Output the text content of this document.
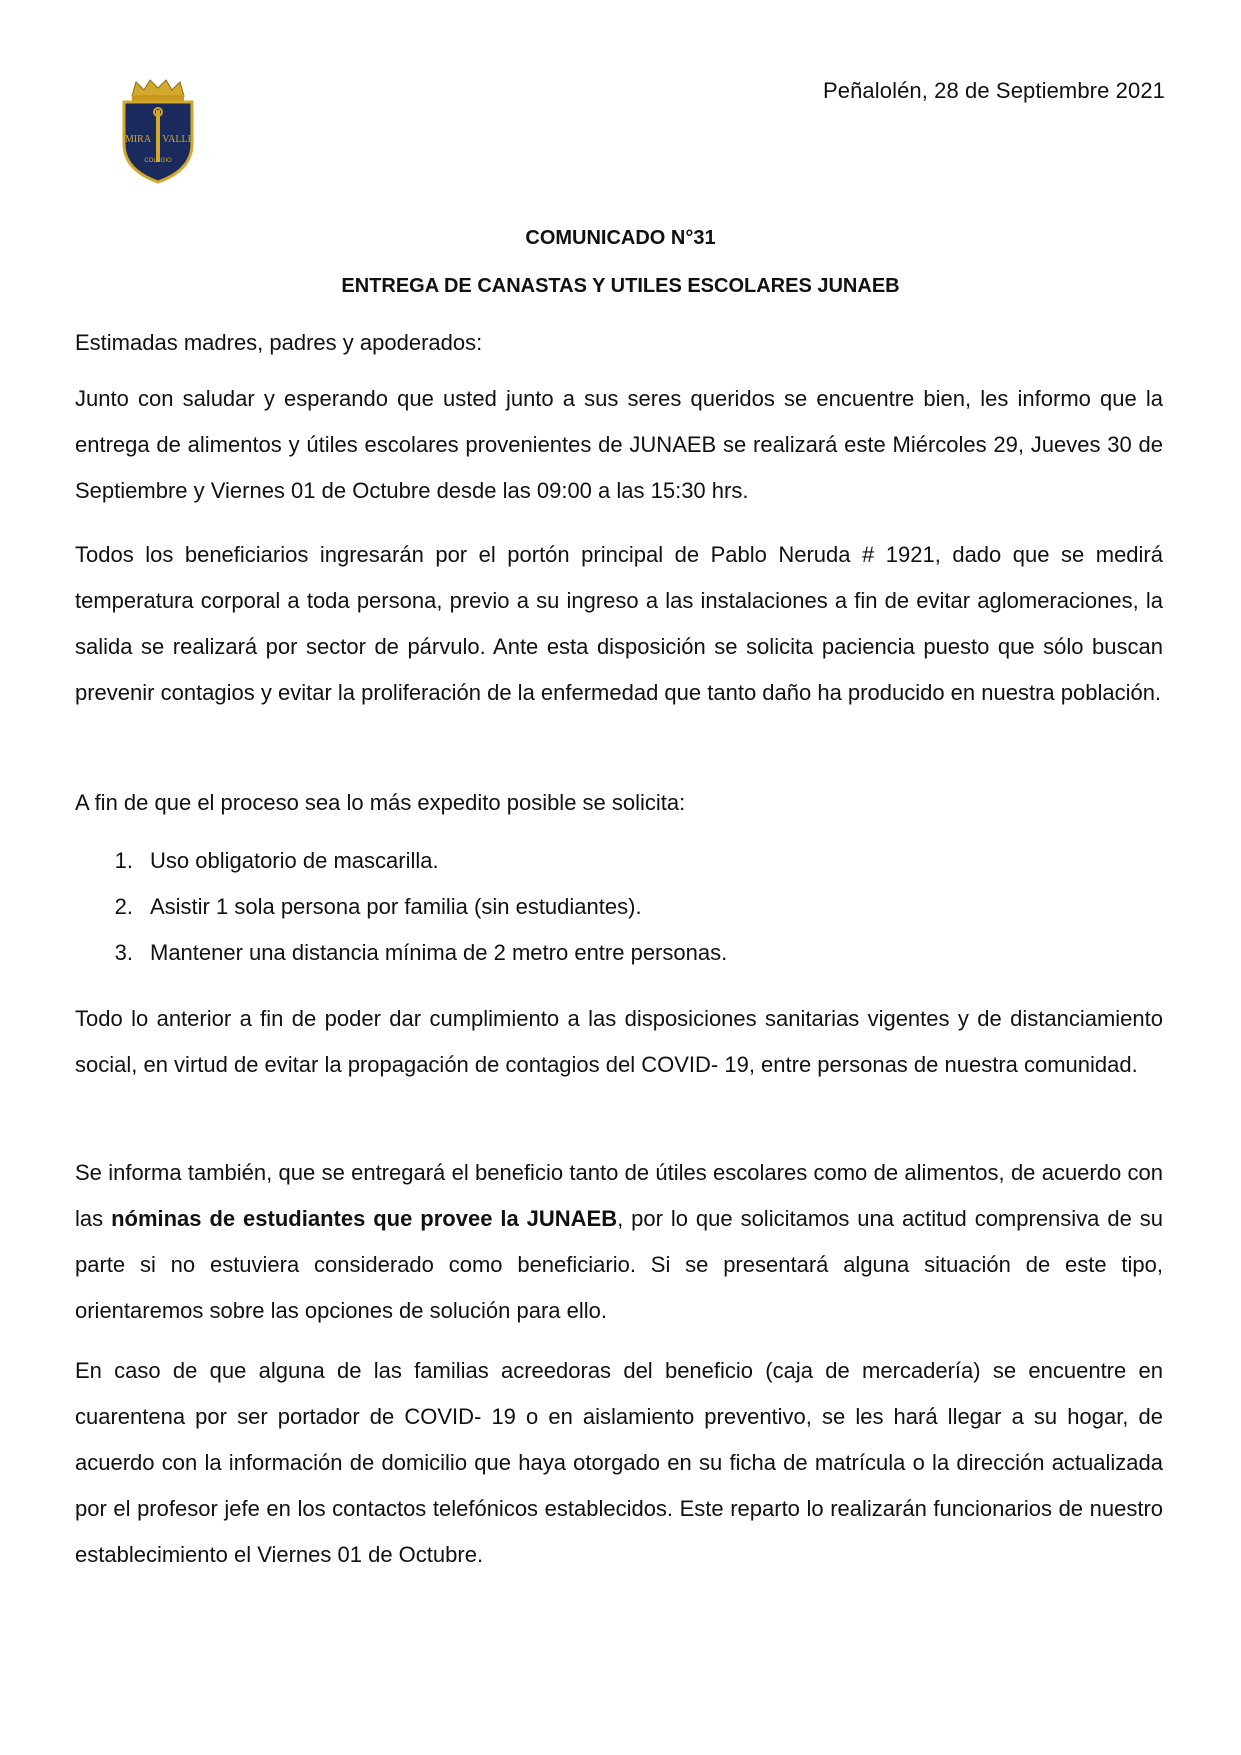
MIRA VALLE
COLEGIO
Peñalolén, 28 de Septiembre 2021
COMUNICADO N°31
ENTREGA DE CANASTAS Y UTILES ESCOLARES JUNAEB

Estimadas madres, padres y apoderados:

Junto con saludar y esperando que usted junto a sus seres queridos se encuentre bien, les informo que la entrega de alimentos y útiles escolares provenientes de JUNAEB se realizará este Miércoles 29, Jueves 30 de Septiembre y Viernes 01 de Octubre desde las 09:00 a las 15:30 hrs.

Todos los beneficiarios ingresarán por el portón principal de Pablo Neruda # 1921, dado que se medirá temperatura corporal a toda persona, previo a su ingreso a las instalaciones a fin de evitar aglomeraciones, la salida se realizará por sector de párvulo. Ante esta disposición se solicita paciencia puesto que sólo buscan prevenir contagios y evitar la proliferación de la enfermedad que tanto daño ha producido en nuestra población.

A fin de que el proceso sea lo más expedito posible se solicita:

1. Uso obligatorio de mascarilla.
2. Asistir 1 sola persona por familia (sin estudiantes).
3. Mantener una distancia mínima de 2 metro entre personas.

Todo lo anterior a fin de poder dar cumplimiento a las disposiciones sanitarias vigentes y de distanciamiento social, en virtud de evitar la propagación de contagios del COVID- 19, entre personas de nuestra comunidad.

Se informa también, que se entregará el beneficio tanto de útiles escolares como de alimentos, de acuerdo con las nóminas de estudiantes que provee la JUNAEB, por lo que solicitamos una actitud comprensiva de su parte si no estuviera considerado como beneficiario. Si se presentará alguna situación de este tipo, orientaremos sobre las opciones de solución para ello.

En caso de que alguna de las familias acreedoras del beneficio (caja de mercadería) se encuentre en cuarentena por ser portador de COVID- 19 o en aislamiento preventivo, se les hará llegar a su hogar, de acuerdo con la información de domicilio que haya otorgado en su ficha de matrícula o la dirección actualizada por el profesor jefe en los contactos telefónicos establecidos. Este reparto lo realizarán funcionarios de nuestro establecimiento el Viernes 01 de Octubre.
